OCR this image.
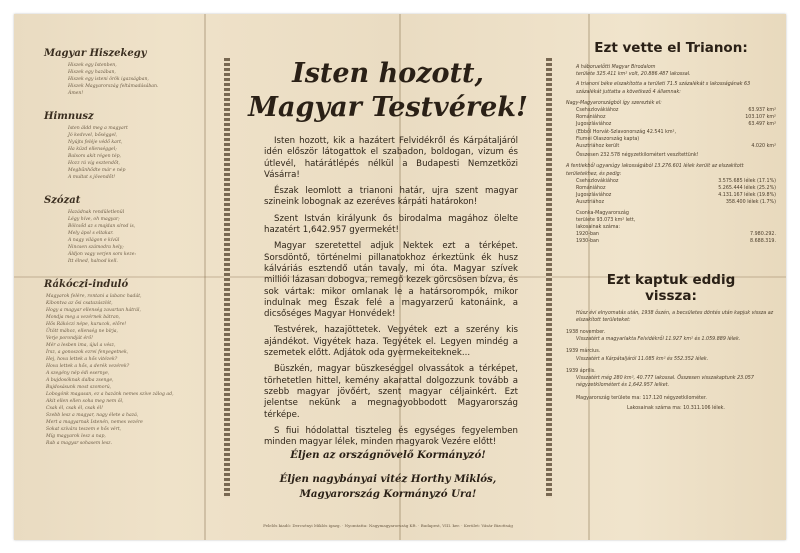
Magyar Hiszekegy
Hiszek egy Istenben,
Hiszek egy hazában,
Hiszek egy isteni örök igazságban,
Hiszek Magyarország feltámadásában.
Ámen!
Himnusz
Isten áldd meg a magyart
Jó kedvvel, bőséggel,
Nyújts feléje védő kart,
Ha küzd ellenséggel;
Balsors akit régen tép,
Hozz rá víg esztendőt,
Megbűnhődte már e nép
A multat s jövendőt!
Szózat
Hazádnak rendületlenül
Légy híve, oh magyar;
Bölcsőd az s majdan sírod is,
Mely ápol s eltakar.
A nagy világon e kívül
Nincsen számodra hely;
Áldjon vagy verjen sors keze:
Itt élned, halnod kell.
Rákóczi-induló
Magyarok felére, rontani a labanc hadát,
Kibontva az ősi csatazászlót,
Hogy a magyar ellenség zavartan hátrál,
Mondja meg a vezérnek bátran,
Hős Rákóczi népe, kurucok, előre!
Ütött mához, ellenség ne bírja,
Verje porondját érő!
Mér a lesben ima, újul a vész,
Írsz, a gonoszok ezrei fenyegetnek,
Hej, hova lettek a hős vitézek?
Hova lettek a hős, a derék vezérek?
A szegény nép édi esernye,
A bujdosóknak dalba zsenge,
Bujdosásunk most szomorú,
Lobogónk magasan, ez a hazánk nemes szíve zálog ad,
Akit ellen ellen soha meg nem öl,
Csak él, csak él, csak él!
Szebb lesz a magyar, nagy élete a hazá,
Mert a magyarnak Istenén, nemes vezére
Sokat szívára teszem e hős vért,
Míg magyarok lesz a nap,
Rab a magyar sohasem lesz.
Isten hozott,
Magyar Testvérek!

Isten hozott, kik a hazátert Felvidékről és Kárpátaljáról idén először látogattok el szabadon, boldogan, vizum és útlevél, határátlépés nélkül a Budapesti Nemzetközi Vásárra!

Észak leomlott a trianoni határ, ujra szent magyar szineink lobognak az ezeréves kárpáti határokon!

Szent István királyunk ős birodalma magához ölelte hazatért 1,642.957 gyermekét!

Magyar szeretettel adjuk Nektek ezt a térképet. Sorsdöntő, történelmi pillanatokhoz érkeztünk ék husz kálváriás esztendő után tavaly, mi óta. Magyar szívek milliói lázasan dobogva, remegő kezek görcsösen bízva, és sok vártak: mikor omlanak le a határsorompók, mikor indulnak meg Észak felé a magyarzerű katonáink, a dicsőséges Magyar Honvédek!

Testvérek, hazajöttetek. Vegyétek ezt a szerény kis ajándékot. Vigyétek haza. Tegyétek el. Legyen mindég a szemetek előtt. Adjátok oda gyermekeiteknek...

Büszkén, magyar büszkeséggel olvassátok a térképet, törhetetlen hittel, kemény akarattal dolgozzunk tovább a szebb magyar jövőért, szent magyar céljainkért. Ezt jelentse nekünk a megnagyobbodott Magyarország térképe.

S fiui hódolattal tiszteleg és egységes fegyelemben minden magyar lélek, minden magyarok Vezére előtt!

Éljen az országnövelő Kormányzó!
Éljen nagybányai vitéz Horthy Miklós,
Magyarország Kormányzó Ura!
Felelős kiadó: Dercsényi Miklós igazg. · Nyomtatta: Nagymagyarország Kft. · Budapest, VIII. ker. · Kerület: Vásár Bizottság
Ezt vette el Trianon:
A háboruelőtti Magyar Birodalom
területe 325.411 km² volt, 20.886.487 lakossal.
A trianoni béke elszakította a területi 71.5 százalékát s lakosságának 63 százalékát juttatta a következő 4 államnak:
Nagy-Magyarországból így szerezték el:
Csehszlovákiához	63.937 km²
Romániához	103.107 km²
Jugoszláviához	63.497 km²
(Ebből Horvát-Szlavonország 42.541 km²,
Fiumei Olaszország kapta)
Ausztriához került	4.020 km²
Összesen 232.578 négyzetkilométert veszítettünk!
A fentiekből ugyanúgy lakosságából 13.276.601 lélek került az elszakított területekhez, és pedig:
Csehszlovákiához	3.575.685 lélek (17.1%)
Romániához	5.265.444 lélek (25.2%)
Jugoszláviához	4.131.167 lélek (19.8%)
Ausztriához	358.400 lélek (1.7%)
Csonka-Magyarország
területe 93.073 km² lett,
lakosainak száma:
1920-ban	7.980.292.
1930-ban	8.688.319.
Ezt kaptuk eddig
vissza:
Húsz évi elnyomatás után, 1938 őszén, a becsületes döntés után kapjuk vissza az elszakított területeket:
1938 november.
Visszatért a magyarlakta Felvidékről 11.927 km² és 1.059.889 lélek.
1939 március.
Visszatért a Kárpátaljáról 11.085 km² és 552.352 lélek.
1939 április.
Visszatért még 280 km², 40.777 lakossal. Összesen visszakaptunk 23.057 négyzetkilométert és 1,642.957 lelket.
Magyarország területe ma: 117.120 négyzetkilométer.
Lakosainak száma ma: 10.311.106 lélek.
